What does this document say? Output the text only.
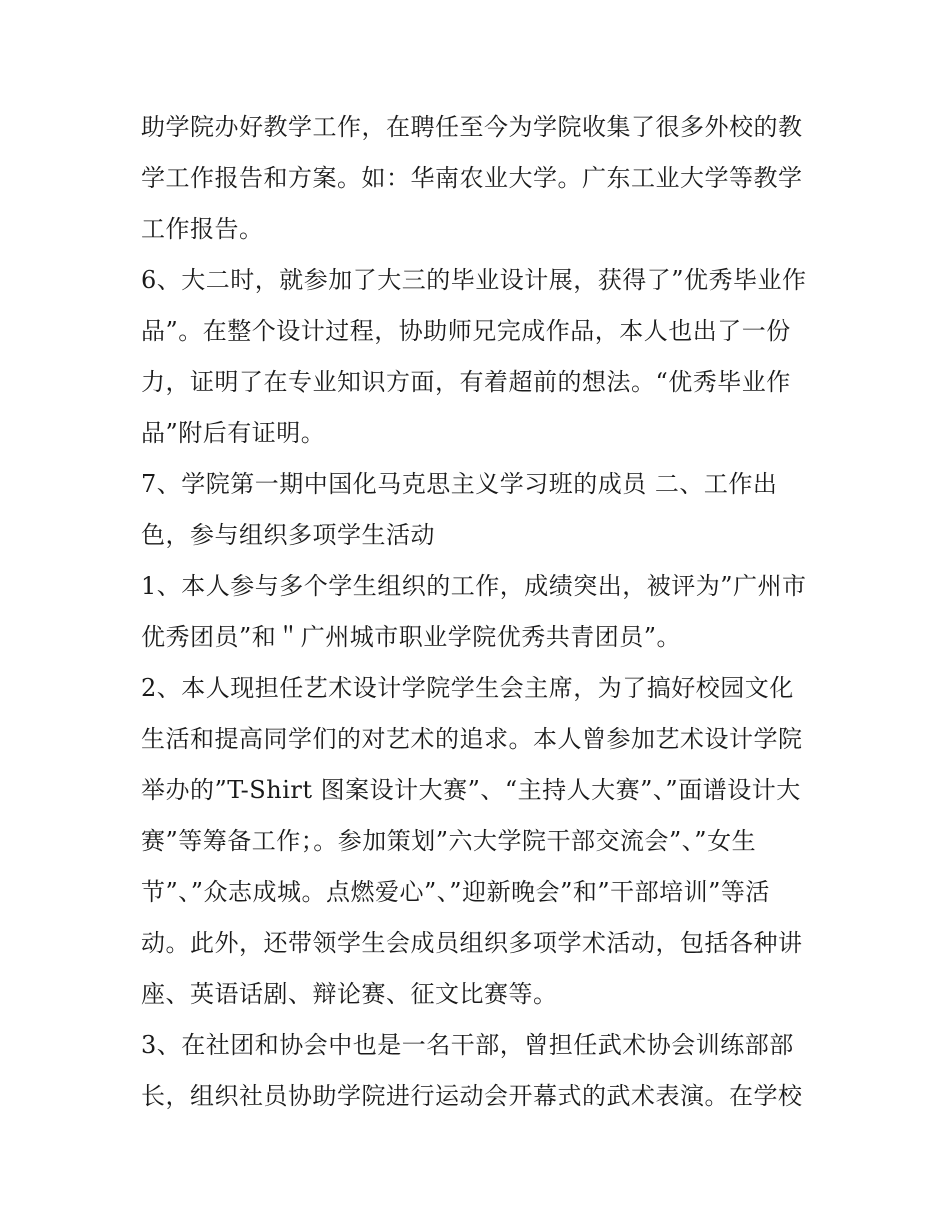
助学院办好教学工作，在聘任至今为学院收集了很多外校的教
学工作报告和方案。如：华南农业大学。广东工业大学等教学
工作报告。
6、大二时，就参加了大三的毕业设计展，获得了”优秀毕业作
品”。在整个设计过程，协助师兄完成作品，本人也出了一份
力，证明了在专业知识方面，有着超前的想法。“优秀毕业作
品”附后有证明。
7、学院第一期中国化马克思主义学习班的成员 二、工作出
色，参与组织多项学生活动
1、本人参与多个学生组织的工作，成绩突出，被评为”广州市
优秀团员”和＂广州城市职业学院优秀共青团员”。
2、本人现担任艺术设计学院学生会主席，为了搞好校园文化
生活和提高同学们的对艺术的追求。本人曾参加艺术设计学院
举办的”T-Shirt 图案设计大赛”、“主持人大赛”、”面谱设计大
赛”等筹备工作；。参加策划”六大学院干部交流会”、”女生
节”、”众志成城。点燃爱心”、”迎新晚会”和”干部培训”等活
动。此外，还带领学生会成员组织多项学术活动，包括各种讲
座、英语话剧、辩论赛、征文比赛等。
3、在社团和协会中也是一名干部，曾担任武术协会训练部部
长，组织社员协助学院进行运动会开幕式的武术表演。在学校
